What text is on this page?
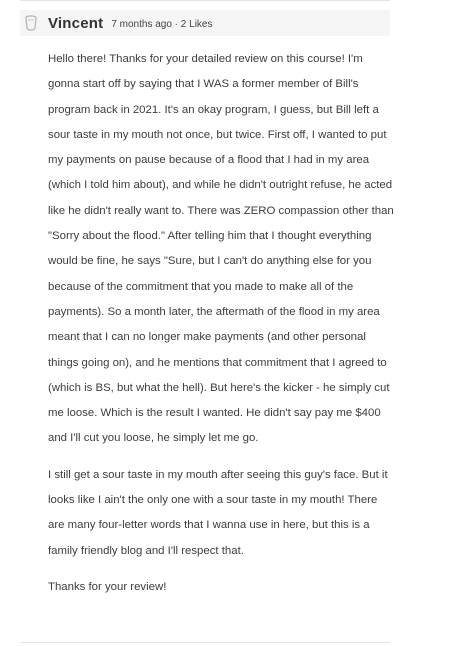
Vincent 7 months ago · 2 Likes

Hello there! Thanks for your detailed review on this course! I'm gonna start off by saying that I WAS a former member of Bill's program back in 2021. It's an okay program, I guess, but Bill left a sour taste in my mouth not once, but twice. First off, I wanted to put my payments on pause because of a flood that I had in my area (which I told him about), and while he didn't outright refuse, he acted like he didn't really want to. There was ZERO compassion other than "Sorry about the flood." After telling him that I thought everything would be fine, he says "Sure, but I can't do anything else for you because of the commitment that you made to make all of the payments). So a month later, the aftermath of the flood in my area meant that I can no longer make payments (and other personal things going on), and he mentions that commitment that I agreed to (which is BS, but what the hell). But here's the kicker - he simply cut me loose. Which is the result I wanted. He didn't say pay me $400 and I'll cut you loose, he simply let me go.

I still get a sour taste in my mouth after seeing this guy's face. But it looks like I ain't the only one with a sour taste in my mouth! There are many four-letter words that I wanna use in here, but this is a family friendly blog and I'll respect that.

Thanks for your review!
